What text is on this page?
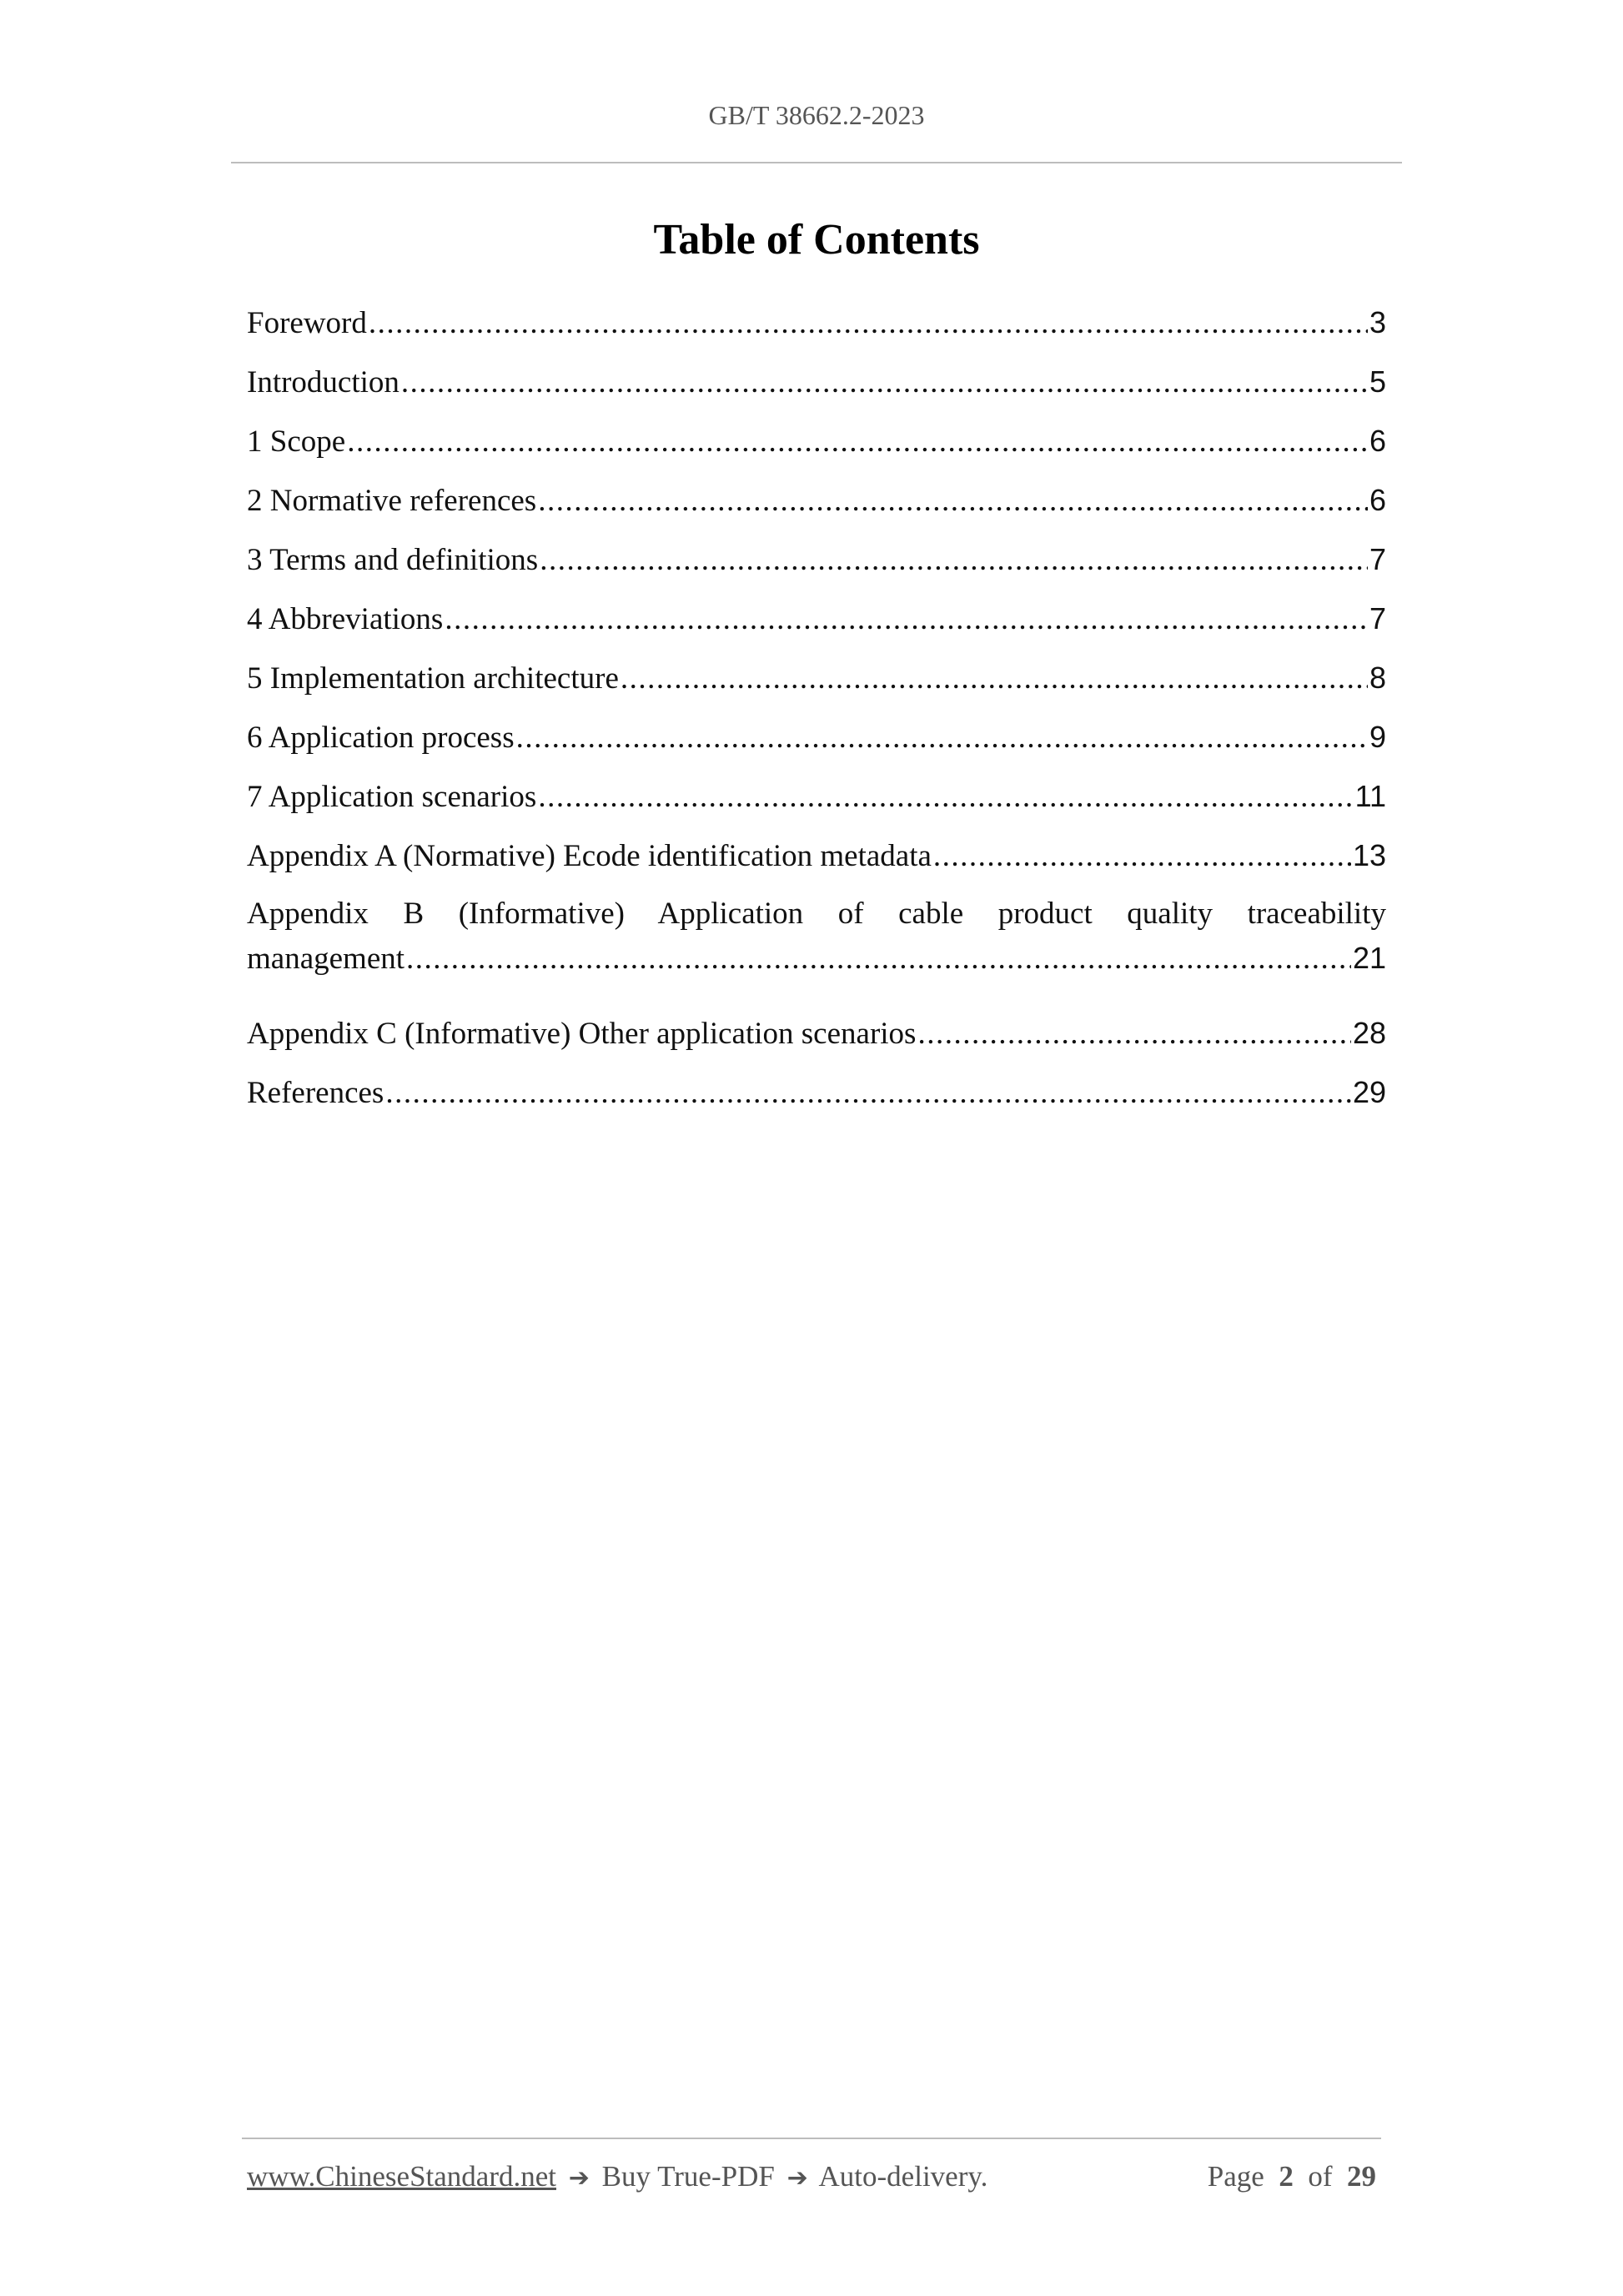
GB/T 38662.2-2023
Table of Contents
Foreword .....	3
Introduction .....	5
1 Scope .....	6
2 Normative references .....	6
3 Terms and definitions .....	7
4 Abbreviations .....	7
5 Implementation architecture .....	8
6 Application process .....	9
7 Application scenarios .....	11
Appendix A (Normative) Ecode identification metadata .....	13
Appendix B (Informative) Application of cable product quality traceability
management .....	21
Appendix C (Informative) Other application scenarios .....	28
References .....	29
www.ChineseStandard.net ➔ Buy True-PDF ➔ Auto-delivery.	Page 2 of 29
